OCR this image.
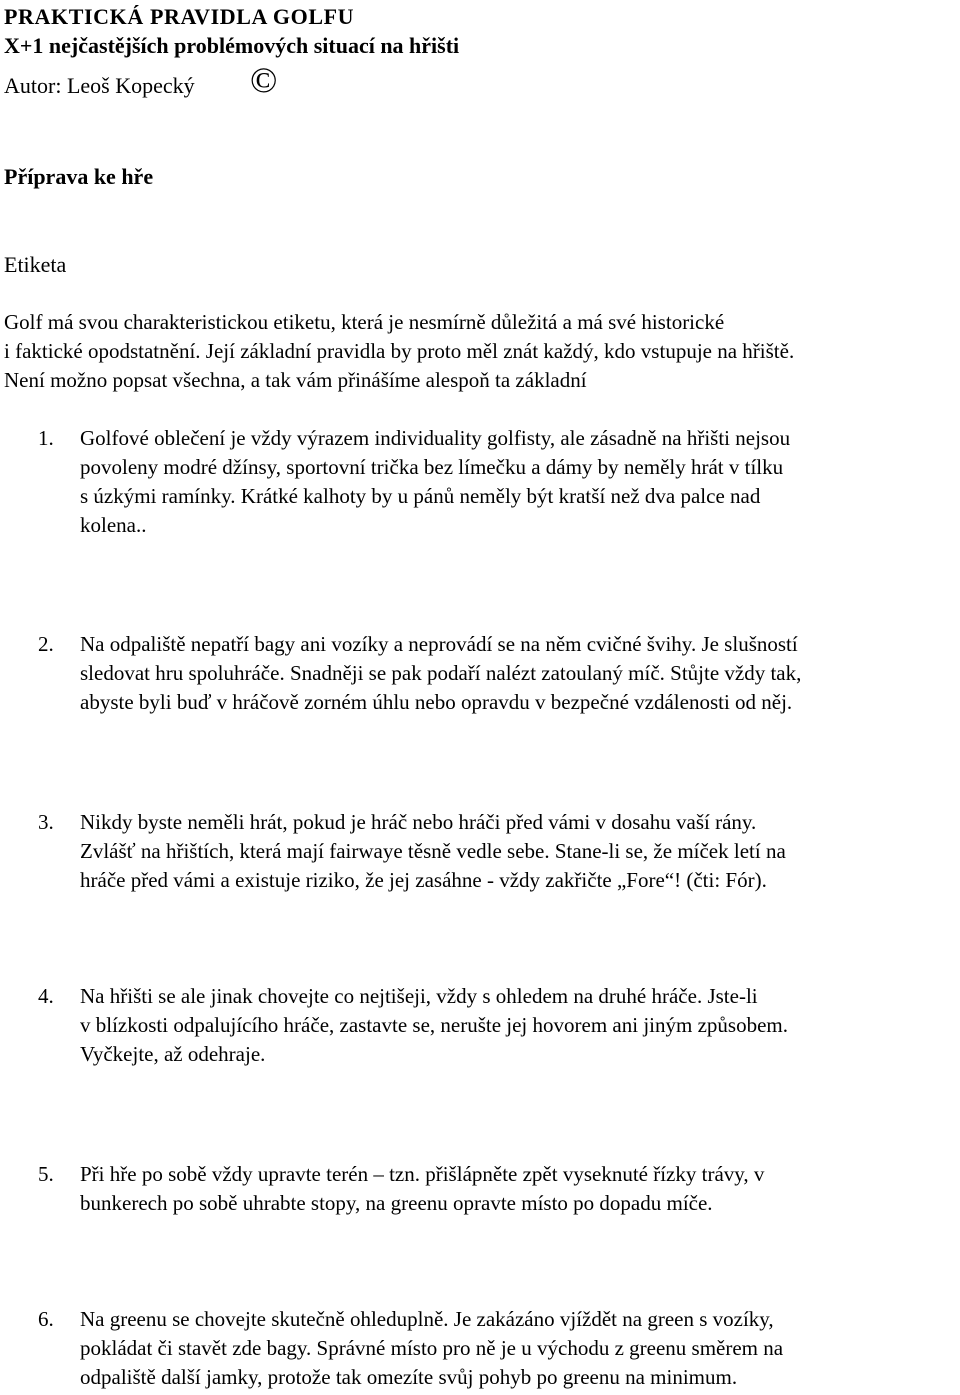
PRAKTICKÁ PRAVIDLA GOLFU
X+1 nejčastějších problémových situací na hřišti
Autor: Leoš Kopecký ©
Příprava ke hře
Etiketa

Golf má svou charakteristickou etiketu, která je nesmírně důležitá a má své historické
i faktické opodstatnění. Její základní pravidla by proto měl znát každý, kdo vstupuje na hřiště.
Není možno popsat všechna, a tak vám přinášíme alespoň ta základní

1.	Golfové oblečení je vždy výrazem individuality golfisty, ale zásadně na hřišti nejsou
povoleny modré džínsy, sportovní trička bez límečku a dámy by neměly hrát v tílku
s úzkými ramínky. Krátké kalhoty by u pánů neměly být kratší než dva palce nad
kolena..
2.	Na odpaliště nepatří bagy ani vozíky a neprovádí se na něm cvičné švihy. Je slušností
sledovat hru spoluhráče. Snadněji se pak podaří nalézt zatoulaný míč. Stůjte vždy tak,
abyste byli buď v hráčově zorném úhlu nebo opravdu v bezpečné vzdálenosti od něj.
3.	Nikdy byste neměli hrát, pokud je hráč nebo hráči před vámi v dosahu vaší rány.
Zvlášť na hřištích, která mají fairwaye těsně vedle sebe. Stane-li se, že míček letí na
hráče před vámi a existuje riziko, že jej zasáhne - vždy zakřičte „Fore“! (čti: Fór).
4.	Na hřišti se ale jinak chovejte co nejtišeji, vždy s ohledem na druhé hráče. Jste-li
v blízkosti odpalujícího hráče, zastavte se, nerušte jej hovorem ani jiným způsobem.
Vyčkejte, až odehraje.
5.	Při hře po sobě vždy upravte terén – tzn. přišlápněte zpět vyseknuté řízky trávy, v
bunkerech po sobě uhrabte stopy, na greenu opravte místo po dopadu míče.
6.	Na greenu se chovejte skutečně ohleduplně. Je zakázáno vjíždět na green s vozíky,
pokládat či stavět zde bagy. Správné místo pro ně je u východu z greenu směrem na
odpaliště další jamky, protože tak omezíte svůj pohyb po greenu na minimum.
